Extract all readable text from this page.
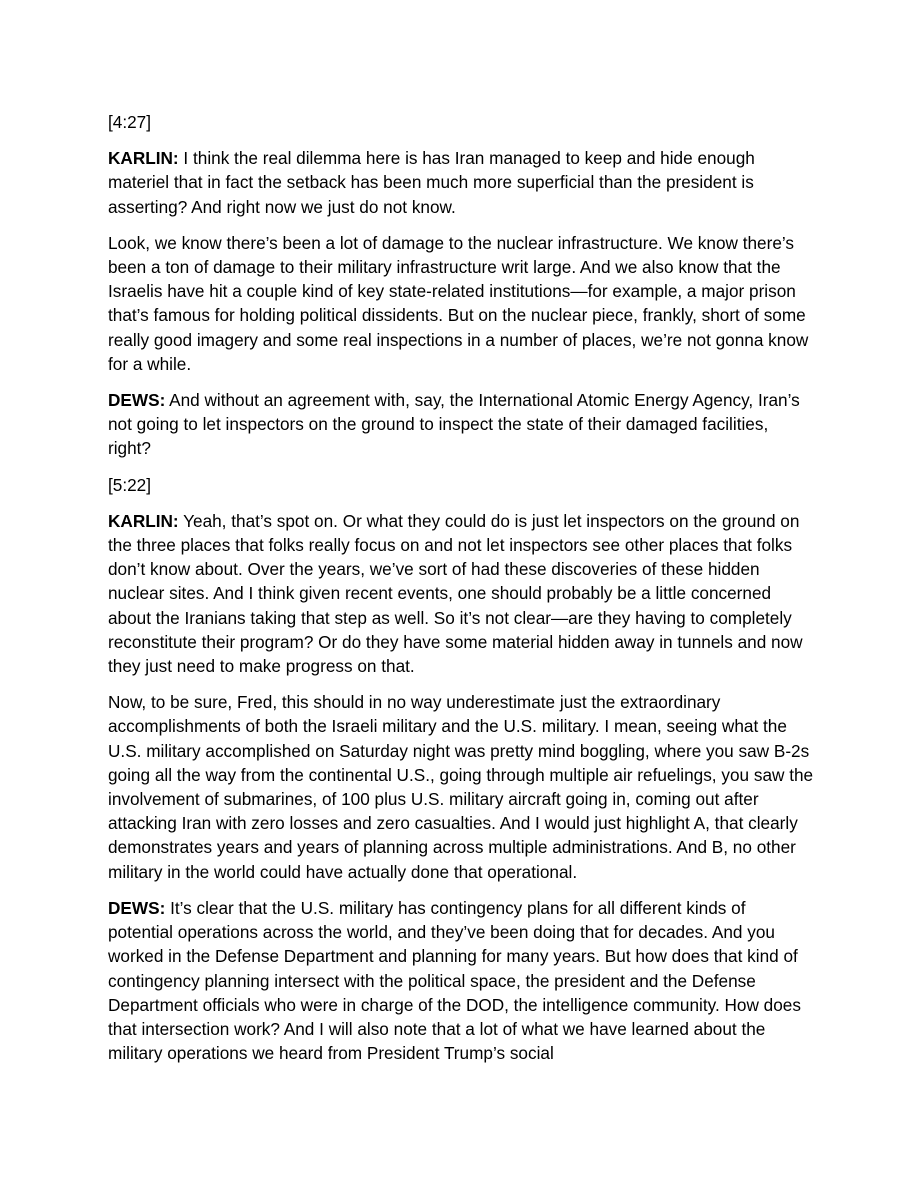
[4:27]

KARLIN: I think the real dilemma here is has Iran managed to keep and hide enough materiel that in fact the setback has been much more superficial than the president is asserting? And right now we just do not know.

Look, we know there’s been a lot of damage to the nuclear infrastructure. We know there’s been a ton of damage to their military infrastructure writ large. And we also know that the Israelis have hit a couple kind of key state-related institutions—for example, a major prison that’s famous for holding political dissidents. But on the nuclear piece, frankly, short of some really good imagery and some real inspections in a number of places, we’re not gonna know for a while.

DEWS: And without an agreement with, say, the International Atomic Energy Agency, Iran’s not going to let inspectors on the ground to inspect the state of their damaged facilities, right?

[5:22]

KARLIN: Yeah, that’s spot on. Or what they could do is just let inspectors on the ground on the three places that folks really focus on and not let inspectors see other places that folks don’t know about. Over the years, we’ve sort of had these discoveries of these hidden nuclear sites. And I think given recent events, one should probably be a little concerned about the Iranians taking that step as well. So it’s not clear—are they having to completely reconstitute their program? Or do they have some material hidden away in tunnels and now they just need to make progress on that.

Now, to be sure, Fred, this should in no way underestimate just the extraordinary accomplishments of both the Israeli military and the U.S. military. I mean, seeing what the U.S. military accomplished on Saturday night was pretty mind boggling, where you saw B-2s going all the way from the continental U.S., going through multiple air refuelings, you saw the involvement of submarines, of 100 plus U.S. military aircraft going in, coming out after attacking Iran with zero losses and zero casualties. And I would just highlight A, that clearly demonstrates years and years of planning across multiple administrations. And B, no other military in the world could have actually done that operational.

DEWS: It’s clear that the U.S. military has contingency plans for all different kinds of potential operations across the world, and they’ve been doing that for decades. And you worked in the Defense Department and planning for many years. But how does that kind of contingency planning intersect with the political space, the president and the Defense Department officials who were in charge of the DOD, the intelligence community. How does that intersection work? And I will also note that a lot of what we have learned about the military operations we heard from President Trump’s social
